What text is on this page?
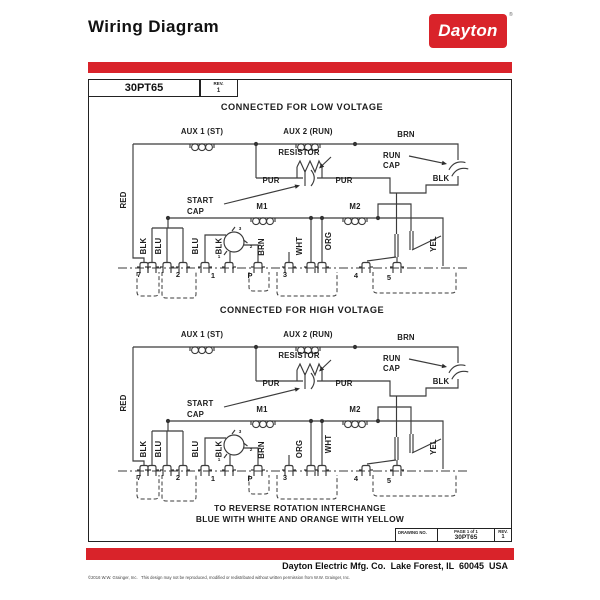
Wiring Diagram	Dayton
®
30PT65	REV.
1
CONNECTED FOR LOW VOLTAGE
AUX 1 (ST)	AUX 2 (RUN)	BRN
RESISTOR	RUN
CAP
PUR	PUR	BLK
RED	START
CAP
M1	M2
BLK BLU	BLU BLK	BRN	WHT	ORG	YEL
3
2
1
7	2	1	P	3	4	5
CONNECTED FOR HIGH VOLTAGE
AUX 1 (ST)	AUX 2 (RUN)	BRN
RESISTOR	RUN
CAP
PUR	PUR	BLK
RED	START
CAP
M1	M2
BLK BLU	BLU BLK	BRN	ORG	WHT	YEL
3
2
1
7	2	1	P	3	4	5
TO REVERSE ROTATION INTERCHANGE
BLUE WITH WHITE AND ORANGE WITH YELLOW
DRAWING NO.	PAGE 1 of 1
30PT65
REV.
1
Dayton Electric Mfg. Co.  Lake Forest, IL  60045  USA
©2016 W.W. Grainger, Inc.   This design may not be reproduced, modified or redistributed without written permission from W.W. Grainger, Inc.
